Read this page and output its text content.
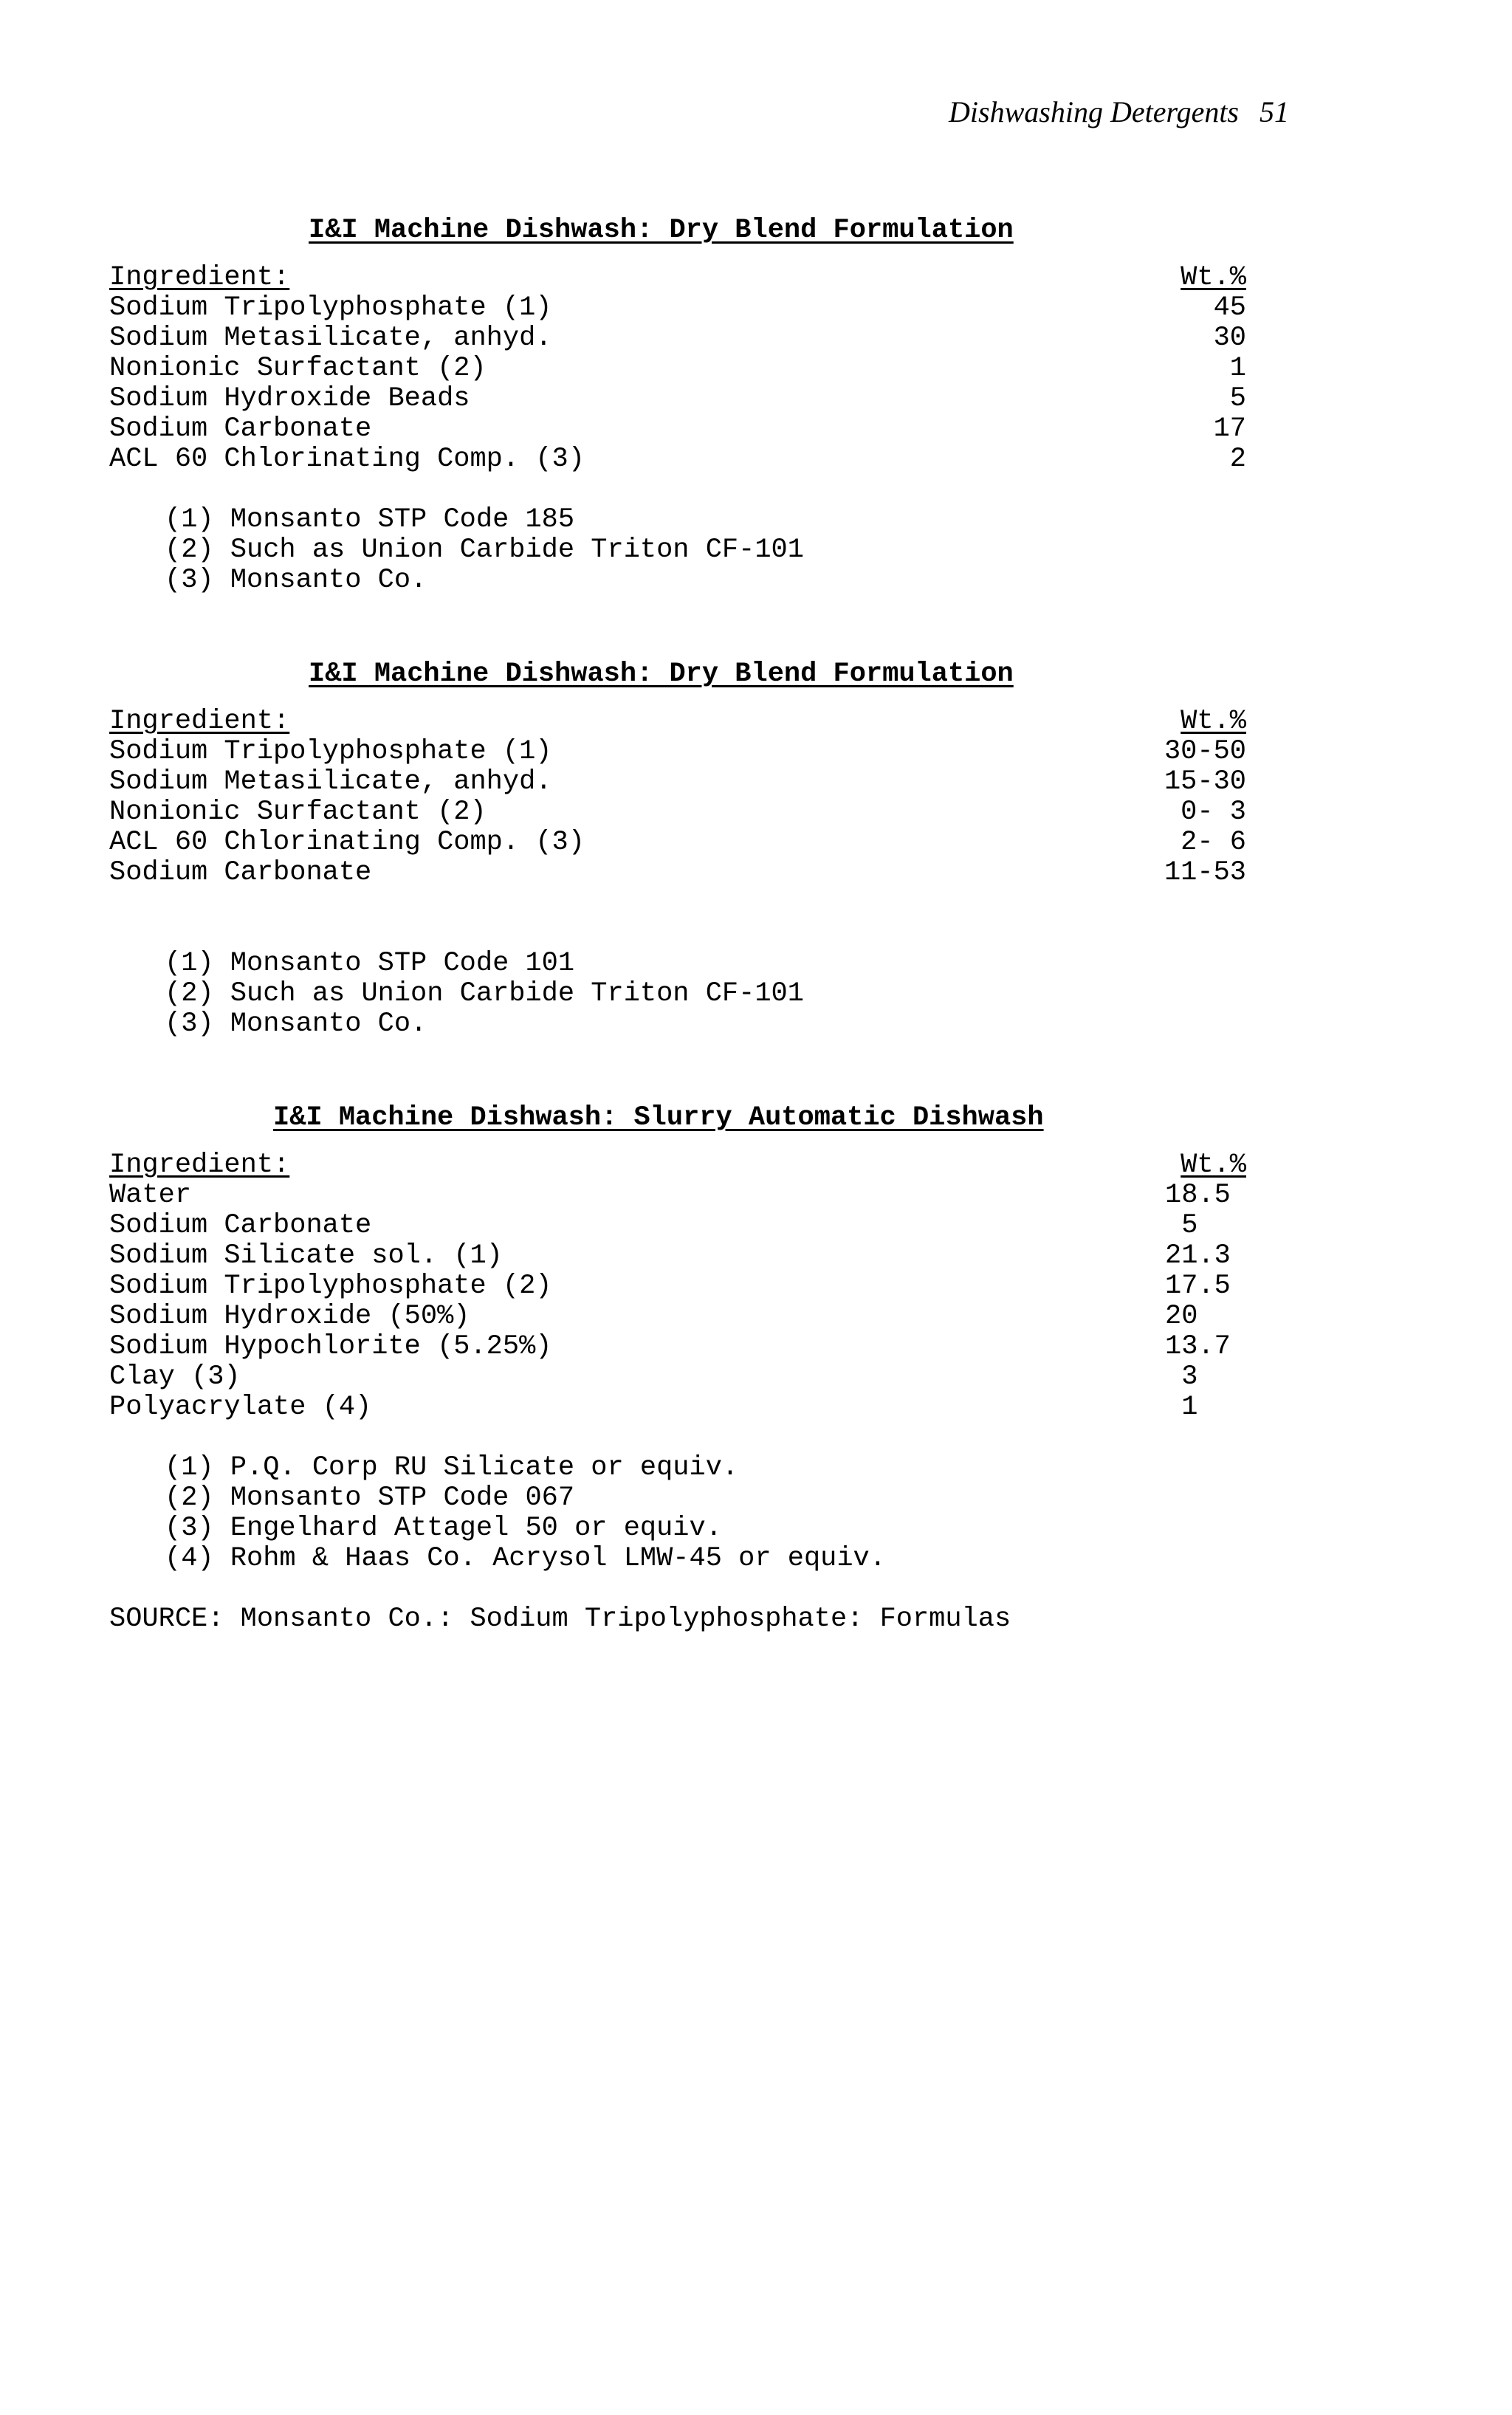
Dishwashing Detergents 51
I&I Machine Dishwash: Dry Blend Formulation
Ingredient:	Wt.%
Sodium Tripolyphosphate (1)	45
Sodium Metasilicate, anhyd.	30
Nonionic Surfactant (2)	1
Sodium Hydroxide Beads	5
Sodium Carbonate	17
ACL 60 Chlorinating Comp. (3)	2
(1) Monsanto STP Code 185
(2) Such as Union Carbide Triton CF-101
(3) Monsanto Co.
I&I Machine Dishwash: Dry Blend Formulation
Ingredient:	Wt.%
Sodium Tripolyphosphate (1)	30-50
Sodium Metasilicate, anhyd.	15-30
Nonionic Surfactant (2)	0- 3
ACL 60 Chlorinating Comp. (3)	2- 6
Sodium Carbonate	11-53
(1) Monsanto STP Code 101
(2) Such as Union Carbide Triton CF-101
(3) Monsanto Co.
I&I Machine Dishwash: Slurry Automatic Dishwash
Ingredient:	Wt.%
Water	18.5
Sodium Carbonate	5
Sodium Silicate sol. (1)	21.3
Sodium Tripolyphosphate (2)	17.5
Sodium Hydroxide (50%)	20
Sodium Hypochlorite (5.25%)	13.7
Clay (3)	3
Polyacrylate (4)	1
(1) P.Q. Corp RU Silicate or equiv.
(2) Monsanto STP Code 067
(3) Engelhard Attagel 50 or equiv.
(4) Rohm & Haas Co. Acrysol LMW-45 or equiv.
SOURCE: Monsanto Co.: Sodium Tripolyphosphate: Formulas
